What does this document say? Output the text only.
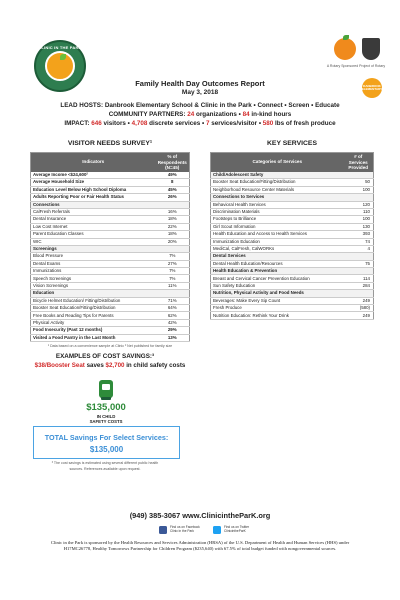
CLINIC IN THE PARK
A Rotary Sponsored Project of Rotary
DANBROOK ELEMENTARY
Family Health Day Outcomes Report
May 3, 2018
LEAD HOSTS: Danbrook Elementary School & Clinic in the Park • Connect • Screen • Educate
COMMUNITY PARTNERS: 24 organizations • 84 in-kind hours
IMPACT: 646 visitors • 4,708 discrete services • 7 services/visitor • 580 lbs of fresh produce
VISITOR NEEDS SURVEY¹	KEY SERVICES
Indicators	% of Respondents (N=45)
Average Income <$24,600²	49%
Average Household Size	8
Education Level Below High School Diploma	45%
Adults Reporting Poor or Fair Health Status	26%
Connections	
CalFresh Referrals	16%
Dental Insurance	18%
Low Cost Internet	22%
Parent Education Classes	18%
WIC	20%
Screenings	
Blood Pressure	7%
Dental Exams	27%
Immunizations	7%
Speech Screenings	7%
Vision Screenings	11%
Education	
Bicycle Helmet Education/ Fitting/Distribution	71%
Booster Seat Education/Fitting/Distribution	64%
Free Books and Reading Tips for Parents	62%
Physical Activity	42%
Food Insecurity (Past 12 months)	29%
Visited a Food Pantry in the Last Month	13%
¹ Data based on a convenience sample at Clinic ² Net published for family size
Categories of Services	# of Services Provided
Child/Adolescent Safety	
Booster Seat Education/Fitting/Distribution	50
Neighborhood Resource Center Materials	100
Connections to Services	
Behavioral Health Services	120
Discrimination Materials	110
Footsteps to Brilliance	100
Girl Scout Information	130
Health Education and Access to Health Services	393
Immunization Education	74
MediCal, CalFresh, CalWORKs	4
Dental Services	
Dental Health Education/Resources	75
Health Education & Prevention	
Breast and Cervical Cancer Prevention Education	114
Sun Safety Education	284
Nutrition, Physical Activity and Food Needs	
Beverages: Make Every Sip Count	249
Fresh Produce	(580)
Nutrition Education: Rethink Your Drink	249
EXAMPLES OF COST SAVINGS:³
$38/Booster Seat saves $2,700 in child safety costs
$135,000
IN CHILD
SAFETY COSTS
TOTAL Savings For Select Services:
$135,000
³ The cost savings is estimated using several different public health
sources. References available upon request.
(949) 385-3067 www.ClinicintheParK.org
Find us on Facebook
Clinic in the Park
Find us on Twitter
ClinicintheParK
Clinic in the Park is sponsored by the Health Resources and Services Administration (HRSA) of the U.S. Department of Health and Human Services (HHS) under H17MC26778, Healthy Tomorrows Partnership for Children Program ($235,640) with 67.5% of total budget funded with nongovernmental sources.
